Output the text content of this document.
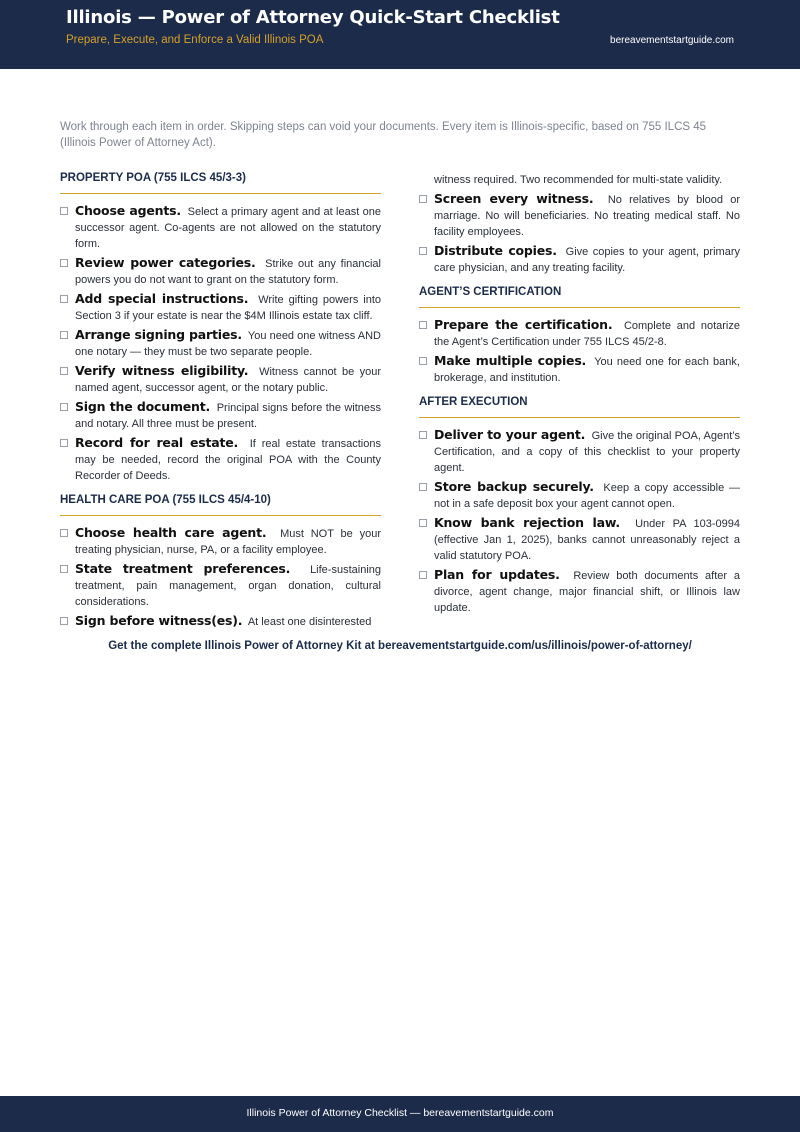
Illinois — Power of Attorney Quick-Start Checklist
Prepare, Execute, and Enforce a Valid Illinois POA	bereavementstartguide.com
Work through each item in order. Skipping steps can void your documents. Every item is Illinois-specific, based on 755 ILCS 45 (Illinois Power of Attorney Act).
PROPERTY POA (755 ILCS 45/3-3)
Choose agents. Select a primary agent and at least one successor agent. Co-agents are not allowed on the statutory form.
Review power categories. Strike out any financial powers you do not want to grant on the statutory form.
Add special instructions. Write gifting powers into Section 3 if your estate is near the $4M Illinois estate tax cliff.
Arrange signing parties. You need one witness AND one notary — they must be two separate people.
Verify witness eligibility. Witness cannot be your named agent, successor agent, or the notary public.
Sign the document. Principal signs before the witness and notary. All three must be present.
Record for real estate. If real estate transactions may be needed, record the original POA with the County Recorder of Deeds.
HEALTH CARE POA (755 ILCS 45/4-10)
Choose health care agent. Must NOT be your treating physician, nurse, PA, or a facility employee.
State treatment preferences. Life-sustaining treatment, pain management, organ donation, cultural considerations.
Sign before witness(es). At least one disinterested
witness required. Two recommended for multi-state validity.
Screen every witness. No relatives by blood or marriage. No will beneficiaries. No treating medical staff. No facility employees.
Distribute copies. Give copies to your agent, primary care physician, and any treating facility.
AGENT’S CERTIFICATION
Prepare the certification. Complete and notarize the Agent’s Certification under 755 ILCS 45/2-8.
Make multiple copies. You need one for each bank, brokerage, and institution.
AFTER EXECUTION
Deliver to your agent. Give the original POA, Agent’s Certification, and a copy of this checklist to your property agent.
Store backup securely. Keep a copy accessible — not in a safe deposit box your agent cannot open.
Know bank rejection law. Under PA 103-0994 (effective Jan 1, 2025), banks cannot unreasonably reject a valid statutory POA.
Plan for updates. Review both documents after a divorce, agent change, major financial shift, or Illinois law update.
Get the complete Illinois Power of Attorney Kit at bereavementstartguide.com/us/illinois/power-of-attorney/
Illinois Power of Attorney Checklist — bereavementstartguide.com
